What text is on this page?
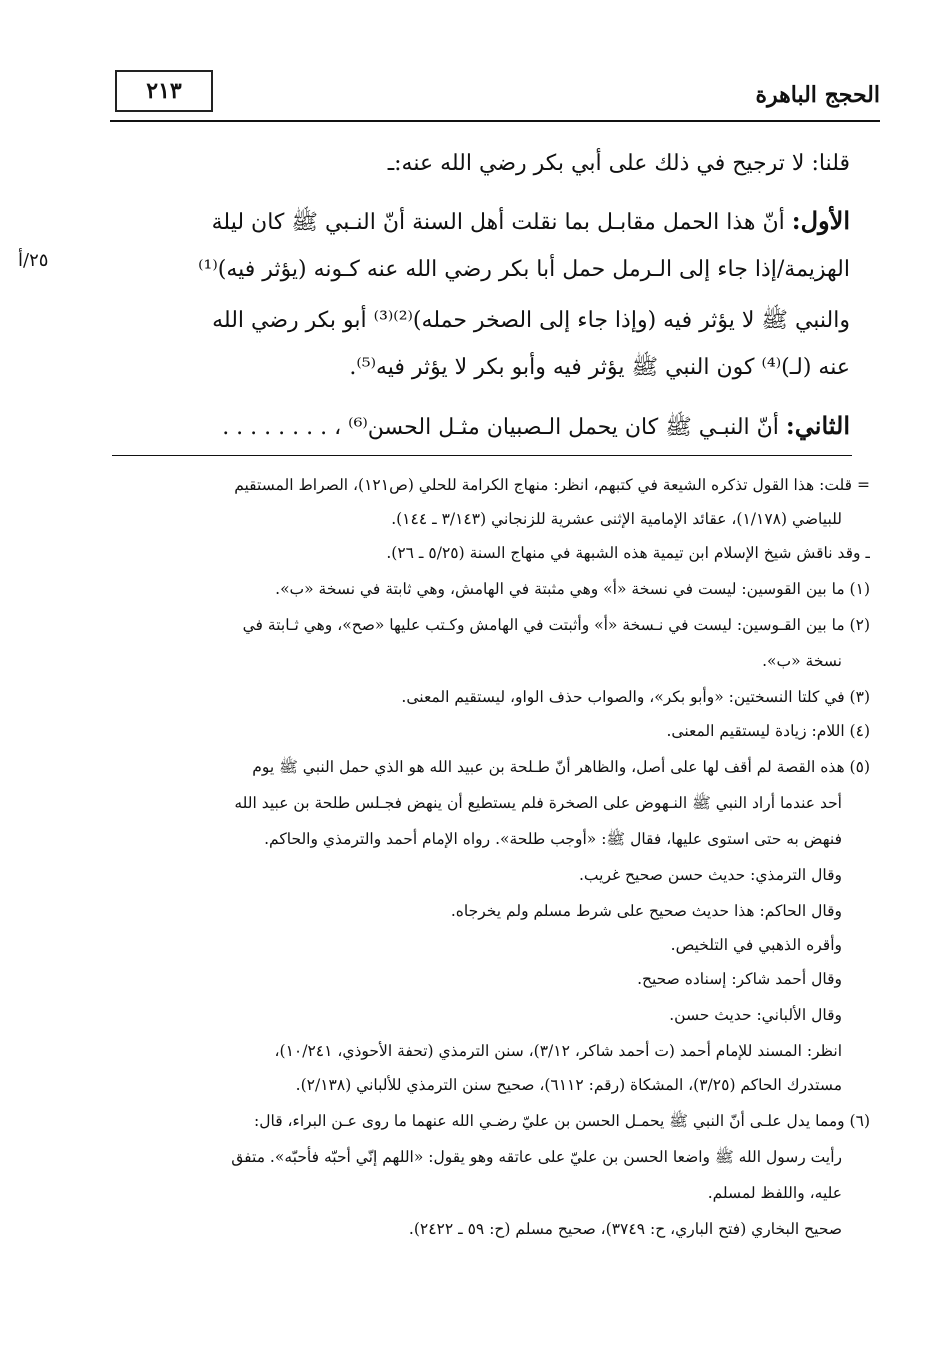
٢١٣	الحجج الباهرة
٢٥/أ
قلنا: لا ترجيح في ذلك على أبي بكر رضي الله عنه:ـ
الأول: أنّ هذا الحمل مقابـل بما نقلت أهل السنة أنّ النـبي ﷺ كان ليلة
الهزيمة/إذا جاء إلى الـرمل حمل أبا بكر رضي الله عنه كـونه (يؤثر فيه)⁽¹⁾
والنبي ﷺ لا يؤثر فيه (وإذا جاء إلى الصخر حمله)⁽²⁾⁽³⁾ أبو بكر رضي الله
عنه (لـ)⁽⁴⁾ كون النبي ﷺ يؤثر فيه وأبو بكر لا يؤثر فيه⁽⁵⁾.
الثاني: أنّ النبـي ﷺ كان يحمل الـصبيان مثـل الحسن⁽⁶⁾ ، . . . . . . . .
= قلت: هذا القول تذكره الشيعة في كتبهم، انظر: منهاج الكرامة للحلي (ص١٢١)، الصراط المستقيم
للبياضي (١/١٧٨)، عقائد الإمامية الإثنى عشرية للزنجاني (٣/١٤٣ ـ ١٤٤).
ـ وقد ناقش شيخ الإسلام ابن تيمية هذه الشبهة في منهاج السنة (٥/٢٥ ـ ٢٦).
(١) ما بين القوسين: ليست في نسخة «أ» وهي مثبتة في الهامش، وهي ثابتة في نسخة «ب».
(٢) ما بين القـوسين: ليست في نـسخة «أ» وأثبتت في الهامش وكـتب عليها «صح»، وهي ثـابتة في
نسخة «ب».
(٣) في كلتا النسختين: «وأبو بكر»، والصواب حذف الواو، ليستقيم المعنى.
(٤) اللام: زيادة ليستقيم المعنى.
(٥) هذه القصة لم أقف لها على أصل، والظاهر أنّ طـلحة بن عبيد الله هو الذي حمل النبي ﷺ يوم
أحد عندما أراد النبي ﷺ النـهوض على الصخرة فلم يستطيع أن ينهض فجـلس طلحة بن عبيد الله
فنهض به حتى استوى عليها، فقال ﷺ: «أوجب طلحة». رواه الإمام أحمد والترمذي والحاكم.
وقال الترمذي: حديث حسن صحيح غريب.
وقال الحاكم: هذا حديث صحيح على شرط مسلم ولم يخرجاه.
وأقره الذهبي في التلخيص.
وقال أحمد شاكر: إسناده صحيح.
وقال الألباني: حديث حسن.
انظر: المسند للإمام أحمد (ت أحمد شاكر، ٣/١٢)، سنن الترمذي (تحفة الأحوذي، ١٠/٢٤١)،
مستدرك الحاكم (٣/٢٥)، المشكاة (رقم: ٦١١٢)، صحيح سنن الترمذي للألباني (٢/١٣٨).
(٦) ومما يدل علـى أنّ النبي ﷺ يحمـل الحسن بن عليّ رضـي الله عنهما ما روى عـن البراء، قال:
رأيت رسول الله ﷺ واضعا الحسن بن عليّ على عاتقه وهو يقول: «اللهم إنّي أحبّه فأحبّه». متفق
عليه، واللفظ لمسلم.
صحيح البخاري (فتح الباري، ح: ٣٧٤٩)، صحيح مسلم (ح: ٥٩ ـ ٢٤٢٢).
